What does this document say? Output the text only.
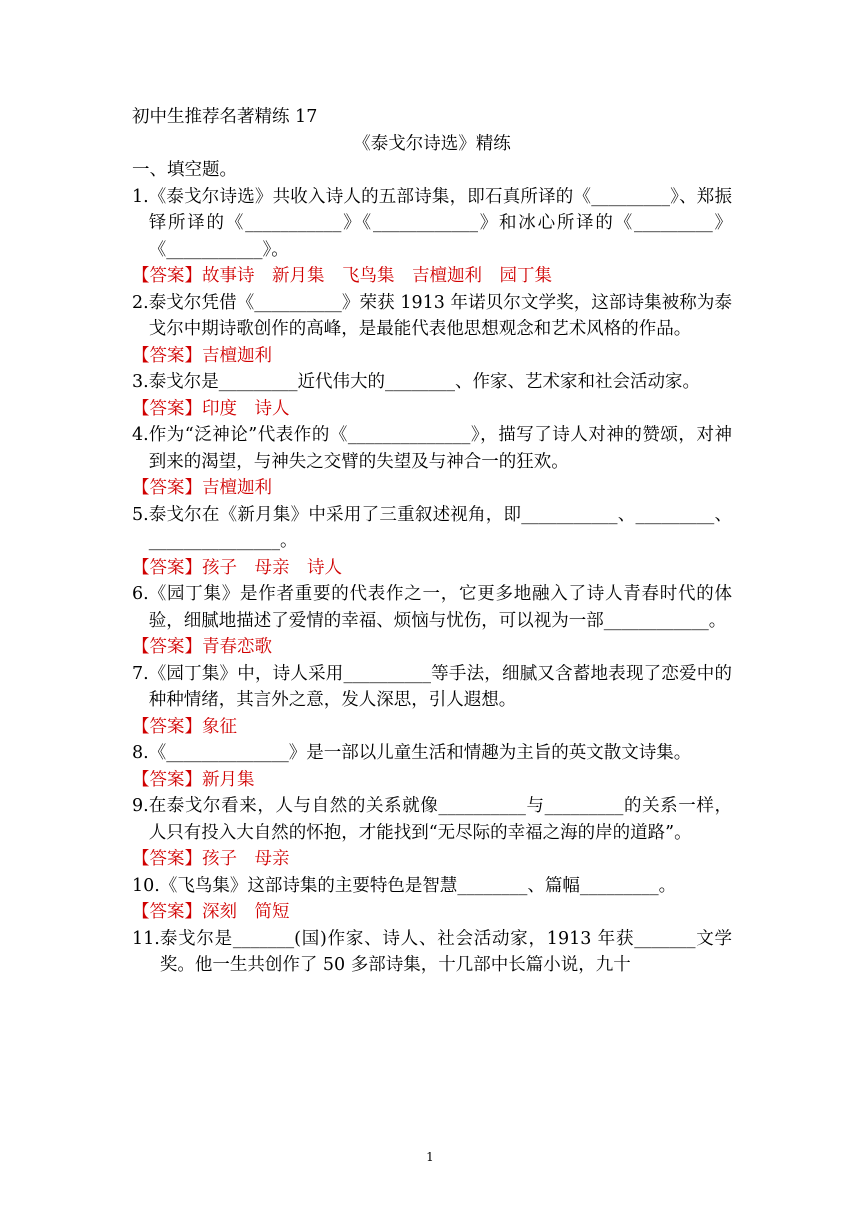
初中生推荐名著精练 17
《泰戈尔诗选》精练
一、填空题。
1. 《泰戈尔诗选》共收入诗人的五部诗集，即石真所译的《_________》、郑振铎所译的《___________》《____________》和冰心所译的《_________》《___________》。
【答案】故事诗　新月集　飞鸟集　吉檀迦利　园丁集
2. 泰戈尔凭借《__________》荣获 1913 年诺贝尔文学奖，这部诗集被称为泰戈尔中期诗歌创作的高峰，是最能代表他思想观念和艺术风格的作品。
【答案】吉檀迦利
3. 泰戈尔是_________近代伟大的________、作家、艺术家和社会活动家。
【答案】印度　诗人
4. 作为“泛神论”代表作的《______________》，描写了诗人对神的赞颂，对神到来的渴望，与神失之交臂的失望及与神合一的狂欢。
【答案】吉檀迦利
5. 泰戈尔在《新月集》中采用了三重叙述视角，即___________、_________、_______________。
【答案】孩子　母亲　诗人
6. 《园丁集》是作者重要的代表作之一，它更多地融入了诗人青春时代的体验，细腻地描述了爱情的幸福、烦恼与忧伤，可以视为一部____________。
【答案】青春恋歌
7. 《园丁集》中，诗人采用__________等手法，细腻又含蓄地表现了恋爱中的种种情绪，其言外之意，发人深思，引人遐想。
【答案】象征
8. 《______________》是一部以儿童生活和情趣为主旨的英文散文诗集。
【答案】新月集
9. 在泰戈尔看来，人与自然的关系就像__________与_________的关系一样，人只有投入大自然的怀抱，才能找到“无尽际的幸福之海的岸的道路”。
【答案】孩子　母亲
10. 《飞鸟集》这部诗集的主要特色是智慧________、篇幅_________。
【答案】深刻　简短
11. 泰戈尔是_______(国)作家、诗人、社会活动家，1913 年获_______文学奖。他一生共创作了 50 多部诗集，十几部中长篇小说，九十
1
